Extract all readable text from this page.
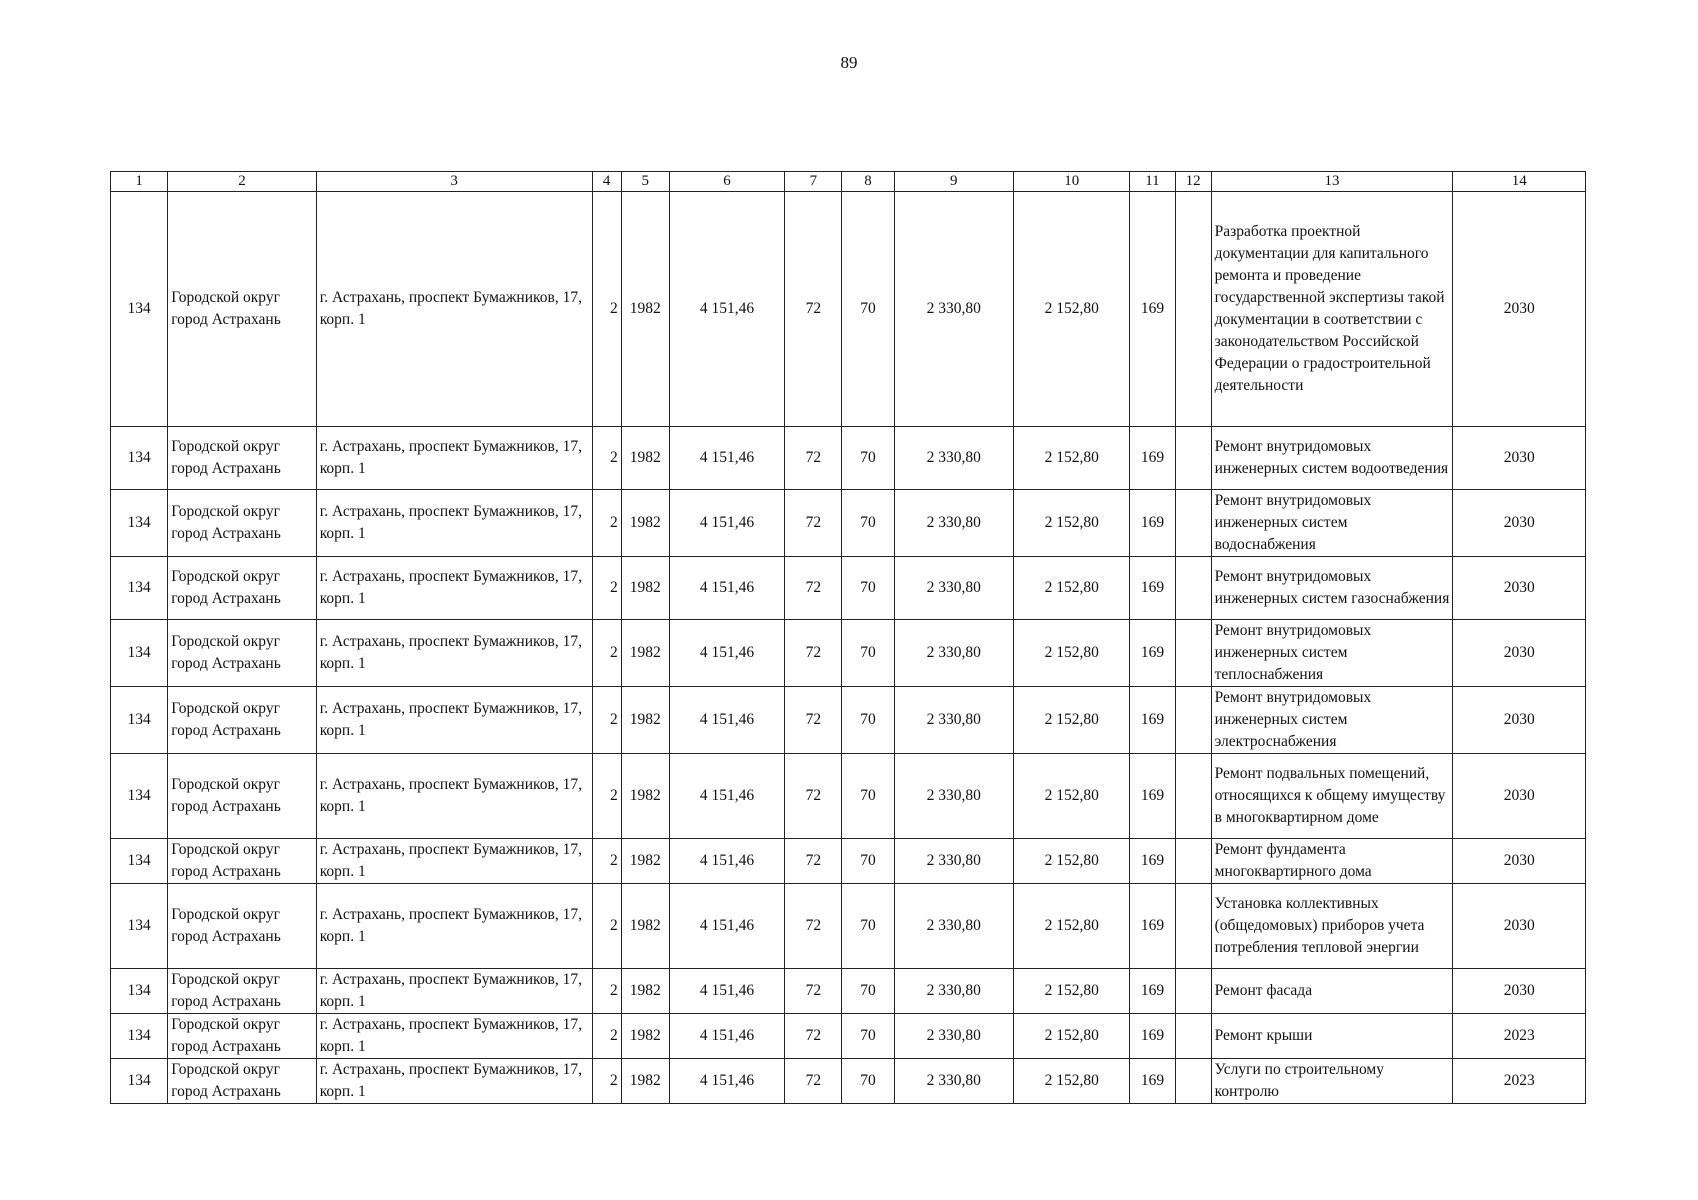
89
1	2	3	4	5	6	7	8	9	10	11	12	13	14
134	Городской округ город Астрахань	г. Астрахань, проспект Бумажников, 17, корп. 1	2	1982	4 151,46	72	70	2 330,80	2 152,80	169		Разработка проектной документации для капитального ремонта и проведение государственной экспертизы такой документации в соответствии с законодательством Российской Федерации о градостроительной деятельности	2030
134	Городской округ город Астрахань	г. Астрахань, проспект Бумажников, 17, корп. 1	2	1982	4 151,46	72	70	2 330,80	2 152,80	169		Ремонт внутридомовых инженерных систем водоотведения	2030
134	Городской округ город Астрахань	г. Астрахань, проспект Бумажников, 17, корп. 1	2	1982	4 151,46	72	70	2 330,80	2 152,80	169		Ремонт внутридомовых инженерных систем водоснабжения	2030
134	Городской округ город Астрахань	г. Астрахань, проспект Бумажников, 17, корп. 1	2	1982	4 151,46	72	70	2 330,80	2 152,80	169		Ремонт внутридомовых инженерных систем газоснабжения	2030
134	Городской округ город Астрахань	г. Астрахань, проспект Бумажников, 17, корп. 1	2	1982	4 151,46	72	70	2 330,80	2 152,80	169		Ремонт внутридомовых инженерных систем теплоснабжения	2030
134	Городской округ город Астрахань	г. Астрахань, проспект Бумажников, 17, корп. 1	2	1982	4 151,46	72	70	2 330,80	2 152,80	169		Ремонт внутридомовых инженерных систем электроснабжения	2030
134	Городской округ город Астрахань	г. Астрахань, проспект Бумажников, 17, корп. 1	2	1982	4 151,46	72	70	2 330,80	2 152,80	169		Ремонт подвальных помещений, относящихся к общему имуществу в многоквартирном доме	2030
134	Городской округ город Астрахань	г. Астрахань, проспект Бумажников, 17, корп. 1	2	1982	4 151,46	72	70	2 330,80	2 152,80	169		Ремонт фундамента многоквартирного дома	2030
134	Городской округ город Астрахань	г. Астрахань, проспект Бумажников, 17, корп. 1	2	1982	4 151,46	72	70	2 330,80	2 152,80	169		Установка коллективных (общедомовых) приборов учета потребления тепловой энергии	2030
134	Городской округ город Астрахань	г. Астрахань, проспект Бумажников, 17, корп. 1	2	1982	4 151,46	72	70	2 330,80	2 152,80	169		Ремонт фасада	2030
134	Городской округ город Астрахань	г. Астрахань, проспект Бумажников, 17, корп. 1	2	1982	4 151,46	72	70	2 330,80	2 152,80	169		Ремонт крыши	2023
134	Городской округ город Астрахань	г. Астрахань, проспект Бумажников, 17, корп. 1	2	1982	4 151,46	72	70	2 330,80	2 152,80	169		Услуги по строительному контролю	2023
